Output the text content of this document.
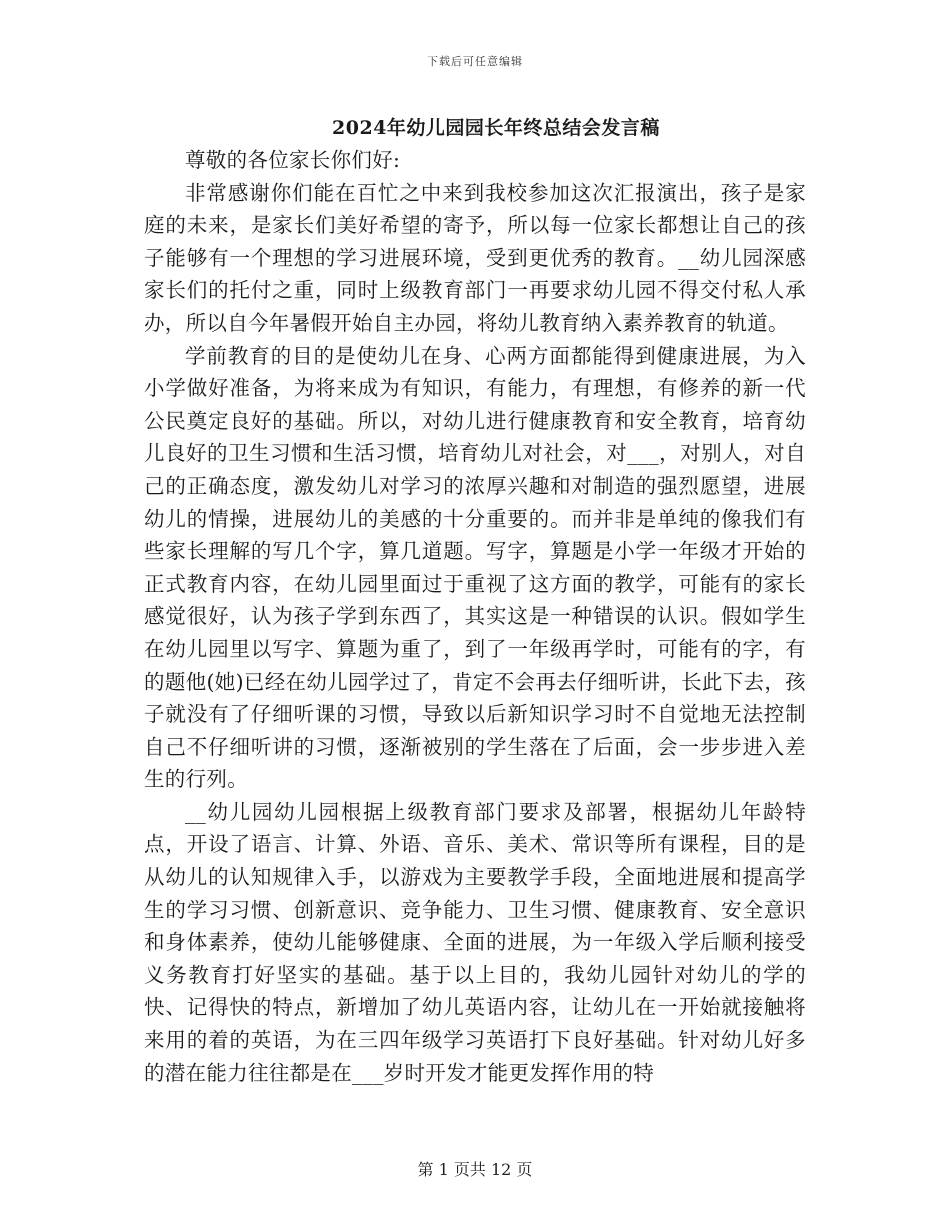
下载后可任意编辑
2024年幼儿园园长年终总结会发言稿

尊敬的各位家长你们好:

非常感谢你们能在百忙之中来到我校参加这次汇报演出，孩子是家庭的未来，是家长们美好希望的寄予，所以每一位家长都想让自己的孩子能够有一个理想的学习进展环境，受到更优秀的教育。__幼儿园深感家长们的托付之重，同时上级教育部门一再要求幼儿园不得交付私人承办，所以自今年暑假开始自主办园，将幼儿教育纳入素养教育的轨道。

学前教育的目的是使幼儿在身、心两方面都能得到健康进展，为入小学做好准备，为将来成为有知识，有能力，有理想，有修养的新一代公民奠定良好的基础。所以，对幼儿进行健康教育和安全教育，培育幼儿良好的卫生习惯和生活习惯，培育幼儿对社会，对___，对别人，对自己的正确态度，激发幼儿对学习的浓厚兴趣和对制造的强烈愿望，进展幼儿的情操，进展幼儿的美感的十分重要的。而并非是单纯的像我们有些家长理解的写几个字，算几道题。写字，算题是小学一年级才开始的正式教育内容，在幼儿园里面过于重视了这方面的教学，可能有的家长感觉很好，认为孩子学到东西了，其实这是一种错误的认识。假如学生在幼儿园里以写字、算题为重了，到了一年级再学时，可能有的字，有的题他(她)已经在幼儿园学过了，肯定不会再去仔细听讲，长此下去，孩子就没有了仔细听课的习惯，导致以后新知识学习时不自觉地无法控制自己不仔细听讲的习惯，逐渐被别的学生落在了后面，会一步步进入差生的行列。

__幼儿园幼儿园根据上级教育部门要求及部署，根据幼儿年龄特点，开设了语言、计算、外语、音乐、美术、常识等所有课程，目的是从幼儿的认知规律入手，以游戏为主要教学手段，全面地进展和提高学生的学习习惯、创新意识、竞争能力、卫生习惯、健康教育、安全意识和身体素养，使幼儿能够健康、全面的进展，为一年级入学后顺利接受义务教育打好坚实的基础。基于以上目的，我幼儿园针对幼儿的学的快、记得快的特点，新增加了幼儿英语内容，让幼儿在一开始就接触将来用的着的英语，为在三四年级学习英语打下良好基础。针对幼儿好多的潜在能力往往都是在___岁时开发才能更发挥作用的特

第 1 页共 12 页
